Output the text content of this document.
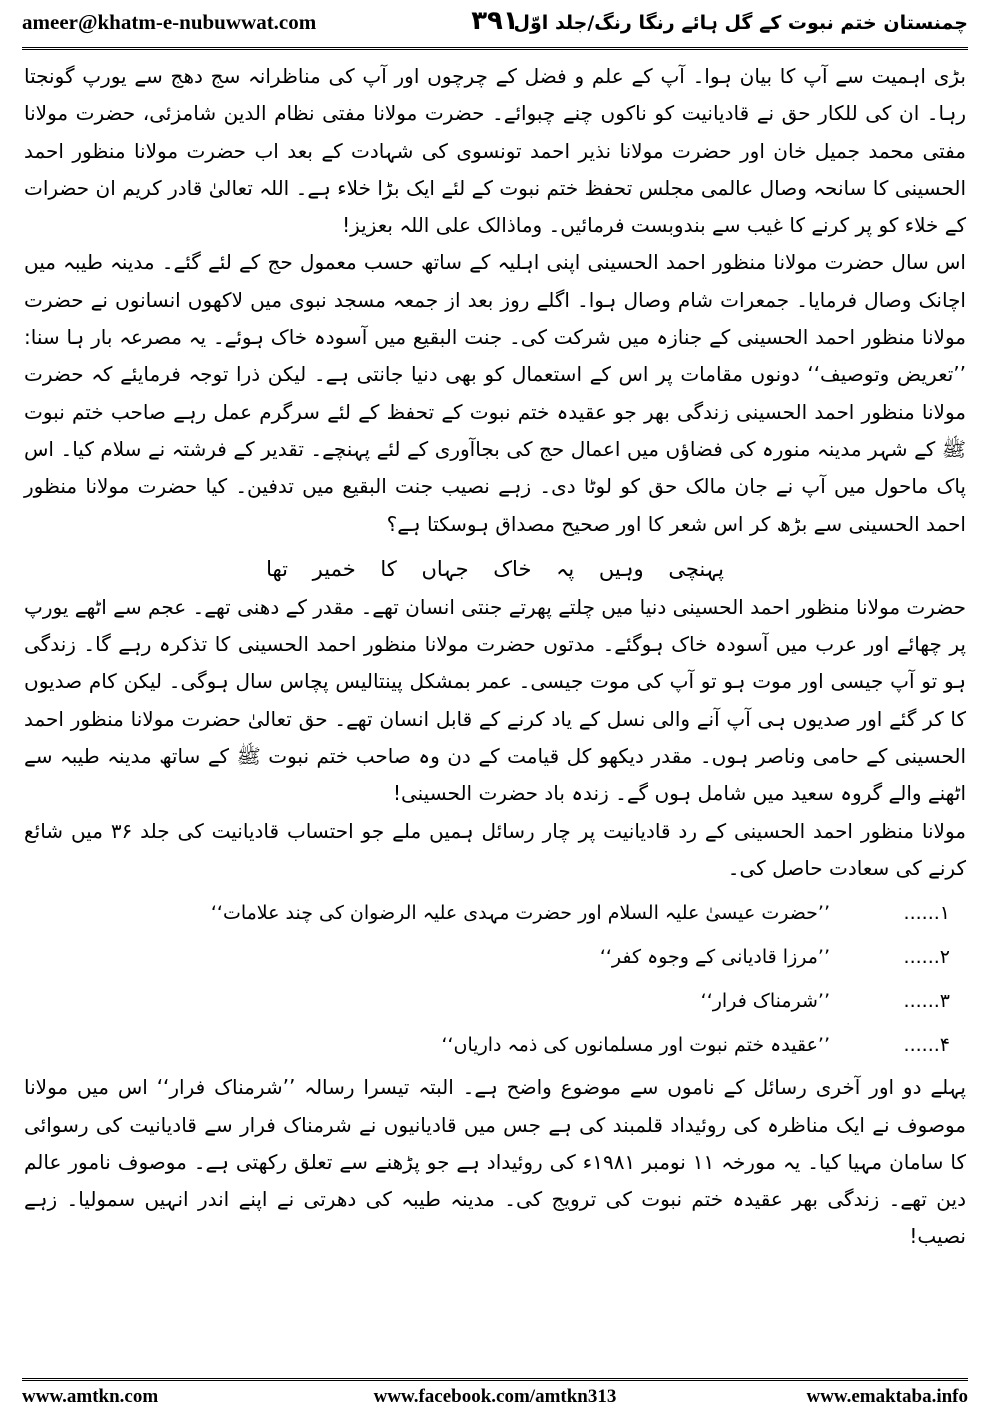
ameer@khatm-e-nubuwwat.com	۳۹۱
چمنستان ختم نبوت کے گل ہائے رنگا رنگ/جلد اوّل

بڑی اہمیت سے آپ کا بیان ہوا۔ آپ کے علم و فضل کے چرچوں اور آپ کی مناظرانہ سج دھج سے یورپ گونجتا رہا۔ ان کی للکار حق نے قادیانیت کو ناکوں چنے چبوائے۔ حضرت مولانا مفتی نظام الدین شامزئی، حضرت مولانا مفتی محمد جمیل خان اور حضرت مولانا نذیر احمد تونسوی کی شہادت کے بعد اب حضرت مولانا منظور احمد الحسینی کا سانحہ وصال عالمی مجلس تحفظ ختم نبوت کے لئے ایک بڑا خلاء ہے۔ اللہ تعالیٰ قادر کریم ان حضرات کے خلاء کو پر کرنے کا غیب سے بندوبست فرمائیں۔ وماذالک علی اللہ بعزیز!

اس سال حضرت مولانا منظور احمد الحسینی اپنی اہلیہ کے ساتھ حسب معمول حج کے لئے گئے۔ مدینہ طیبہ میں اچانک وصال فرمایا۔ جمعرات شام وصال ہوا۔ اگلے روز بعد از جمعہ مسجد نبوی میں لاکھوں انسانوں نے حضرت مولانا منظور احمد الحسینی کے جنازہ میں شرکت کی۔ جنت البقیع میں آسودہ خاک ہوئے۔ یہ مصرعہ بار ہا سنا: ’’تعریض وتوصیف‘‘ دونوں مقامات پر اس کے استعمال کو بھی دنیا جانتی ہے۔ لیکن ذرا توجہ فرمایئے کہ حضرت مولانا منظور احمد الحسینی زندگی بھر جو عقیدہ ختم نبوت کے تحفظ کے لئے سرگرم عمل رہے صاحب ختم نبوت ﷺ کے شہر مدینہ منورہ کی فضاؤں میں اعمال حج کی بجاآوری کے لئے پہنچے۔ تقدیر کے فرشتہ نے سلام کیا۔ اس پاک ماحول میں آپ نے جان مالک حق کو لوٹا دی۔ زہے نصیب جنت البقیع میں تدفین۔ کیا حضرت مولانا منظور احمد الحسینی سے بڑھ کر اس شعر کا اور صحیح مصداق ہوسکتا ہے؟

پہنچی وہیں پہ خاک جہاں کا خمیر تھا

حضرت مولانا منظور احمد الحسینی دنیا میں چلتے پھرتے جنتی انسان تھے۔ مقدر کے دھنی تھے۔ عجم سے اٹھے یورپ پر چھائے اور عرب میں آسودہ خاک ہوگئے۔ مدتوں حضرت مولانا منظور احمد الحسینی کا تذکرہ رہے گا۔ زندگی ہو تو آپ جیسی اور موت ہو تو آپ کی موت جیسی۔ عمر بمشکل پینتالیس پچاس سال ہوگی۔ لیکن کام صدیوں کا کر گئے اور صدیوں ہی آپ آنے والی نسل کے یاد کرنے کے قابل انسان تھے۔ حق تعالیٰ حضرت مولانا منظور احمد الحسینی کے حامی وناصر ہوں۔ مقدر دیکھو کل قیامت کے دن وہ صاحب ختم نبوت ﷺ کے ساتھ مدینہ طیبہ سے اٹھنے والے گروہ سعید میں شامل ہوں گے۔ زندہ باد حضرت الحسینی!

مولانا منظور احمد الحسینی کے رد قادیانیت پر چار رسائل ہمیں ملے جو احتساب قادیانیت کی جلد ۳۶ میں شائع کرنے کی سعادت حاصل کی۔

۱......
’’حضرت عیسیٰ علیہ السلام اور حضرت مہدی علیہ الرضوان کی چند علامات‘‘
۲......
’’مرزا قادیانی کے وجوہ کفر‘‘
۳......
’’شرمناک فرار‘‘
۴......
’’عقیدہ ختم نبوت اور مسلمانوں کی ذمہ داریاں‘‘

پہلے دو اور آخری رسائل کے ناموں سے موضوع واضح ہے۔ البتہ تیسرا رسالہ ’’شرمناک فرار‘‘ اس میں مولانا موصوف نے ایک مناظرہ کی روئیداد قلمبند کی ہے جس میں قادیانیوں نے شرمناک فرار سے قادیانیت کی رسوائی کا سامان مہیا کیا۔ یہ مورخہ ۱۱ نومبر ۱۹۸۱ء کی روئیداد ہے جو پڑھنے سے تعلق رکھتی ہے۔ موصوف نامور عالم دین تھے۔ زندگی بھر عقیدہ ختم نبوت کی ترویج کی۔ مدینہ طیبہ کی دھرتی نے اپنے اندر انہیں سمولیا۔ زہے نصیب!

www.amtkn.com	www.facebook.com/amtkn313	www.emaktaba.info
